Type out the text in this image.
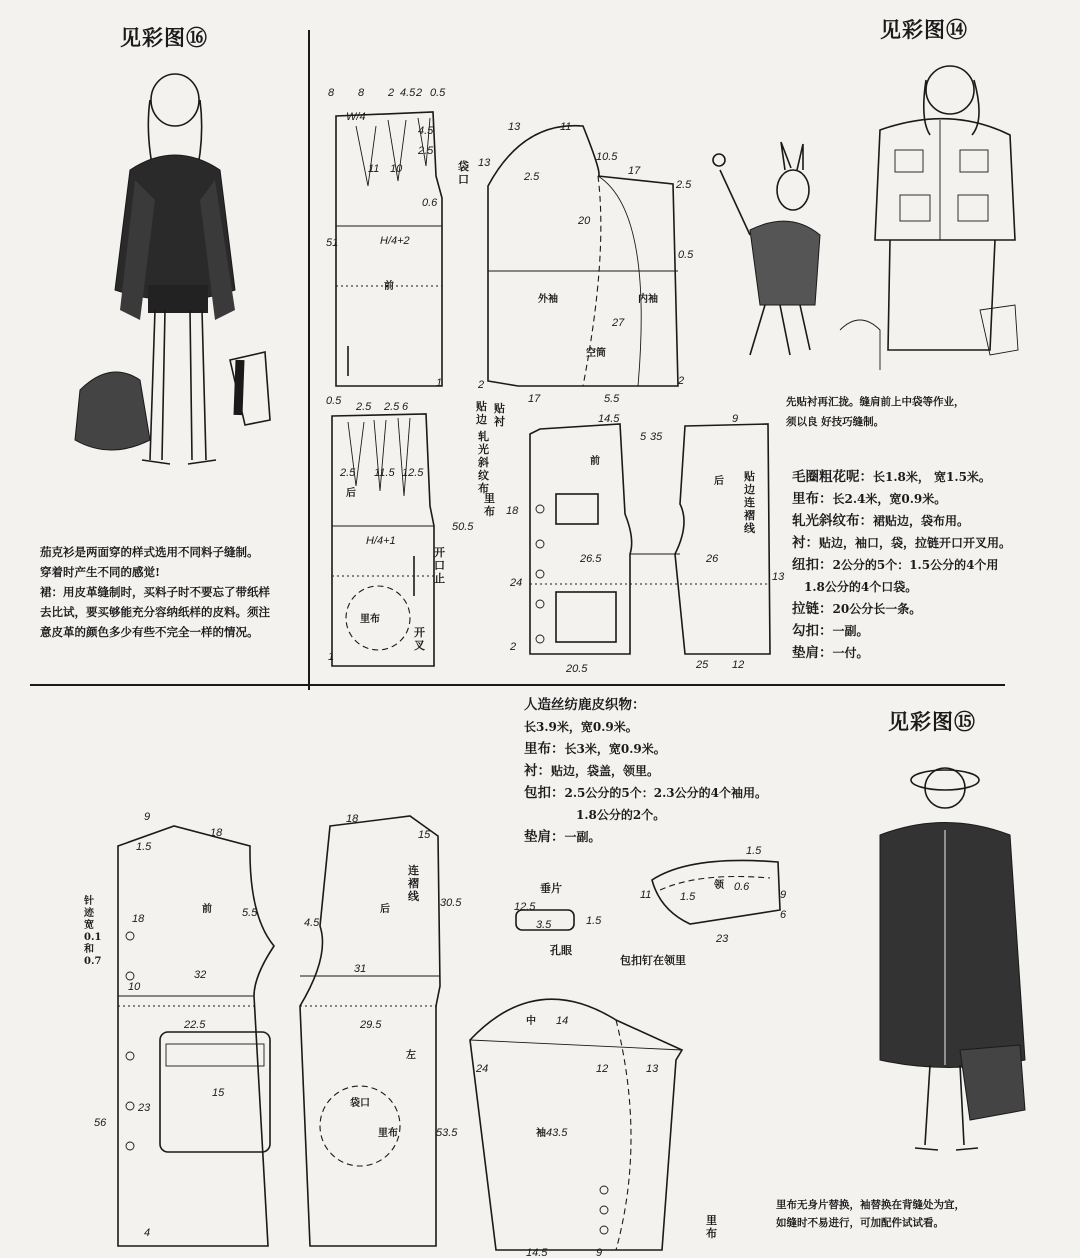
见彩图⑯	见彩图⑭
见彩图⑮
茄克衫是两面穿的样式选用不同料子缝制。
穿着时产生不同的感觉!
裙：用皮革缝制时，买料子时不要忘了带纸样
去比试，要买够能充分容纳纸样的皮料。须注
意皮革的颜色多少有些不完全一样的情况。
先贴衬再汇拢。缝肩前上中袋等作业，
须以良 好技巧缝制。
毛圈粗花呢：长1.8米， 宽1.5米。
里布：长2.4米，宽0.9米。
轧光斜纹布：裙贴边，袋布用。
衬：贴边，袖口，袋，拉链开口开叉用。
纽扣：2公分的5个：1.5公分的4个用
1.8公分的4个口袋。
拉链：20公分长一条。
勾扣：一副。
垫肩：一付。
人造丝纺鹿皮织物：
长3.9米，宽0.9米。
里布：长3米，宽0.9米。
衬：贴边，袋盖，领里。
包扣：2.5公分的5个：2.3公分的4个袖用。
1.8公分的2个。
垫肩：一副。
里布无身片替换，袖替换在背缝处为宜，
如缝时不易进行，可加配件试试看。
8 8 2 4.5 2 0.5
W/4
4.5
11 10
2.5
51	H/4+2
前
0.6
1
袋口
0.5 2.5 2.5 6
2.5 11.5 12.5
后
H/4+1
50.5
里布
1
开口止
开叉
贴边
贴衬
轧光斜纹布
里布
13	11
13
2.5
10.5
17
2.5
20
0.5
27
外袖	内袖
空筒
2
17	5.5
2
14.5
5 35
9
前
后
18
26.5	26
24
2
20.5	25 12
13
贴边连褶线
9
18
1.5
前
18	5.5
32
10
22.5
56
23
15
4
针迹宽0.1和0.7
18
15
后
30.5
4.5
31
29.5
53.5
袋口
里布
左
连褶线
12.5
3.5	1.5
垂片
孔眼
1.5
11	1.5
0.6
9
6
23
领
包扣钉在领里
中 14
24	12	13
袖 43.5
14.5	9
里布
